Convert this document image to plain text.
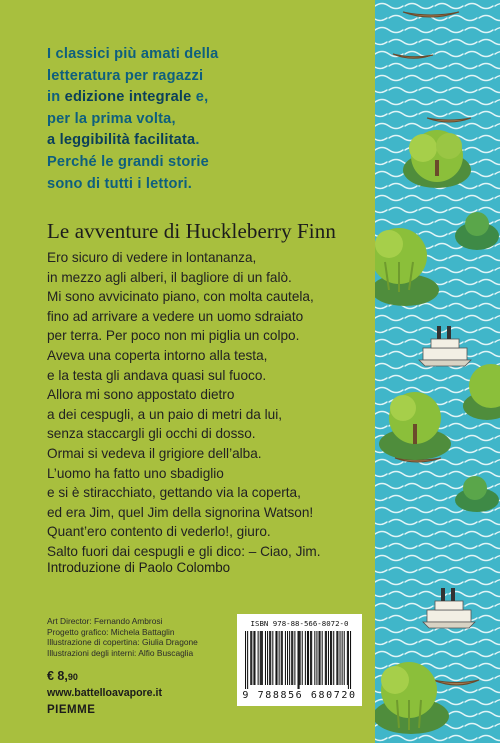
I classici più amati della
letteratura per ragazzi
in edizione integrale e,
per la prima volta,
a leggibilità facilitata.
Perché le grandi storie
sono di tutti i lettori.
Le avventure di Huckleberry Finn
Ero sicuro di vedere in lontananza,
in mezzo agli alberi, il bagliore di un falò.
Mi sono avvicinato piano, con molta cautela,
fino ad arrivare a vedere un uomo sdraiato
per terra. Per poco non mi piglia un colpo.
Aveva una coperta intorno alla testa,
e la testa gli andava quasi sul fuoco.
Allora mi sono appostato dietro
a dei cespugli, a un paio di metri da lui,
senza staccargli gli occhi di dosso.
Ormai si vedeva il grigiore dell’alba.
L’uomo ha fatto uno sbadiglio
e si è stiracchiato, gettando via la coperta,
ed era Jim, quel Jim della signorina Watson!
Quant’ero contento di vederlo!, giuro.
Salto fuori dai cespugli e gli dico: – Ciao, Jim.
Introduzione di Paolo Colombo
Art Director: Fernando Ambrosi
Progetto grafico: Michela Battaglin
Illustrazione di copertina: Giulia Dragone
Illustrazioni degli interni: Alfio Buscaglia
€ 8,90
www.battelloavapore.it
PIEMME
ISBN 978-88-566-8072-0
9 788856 680720
